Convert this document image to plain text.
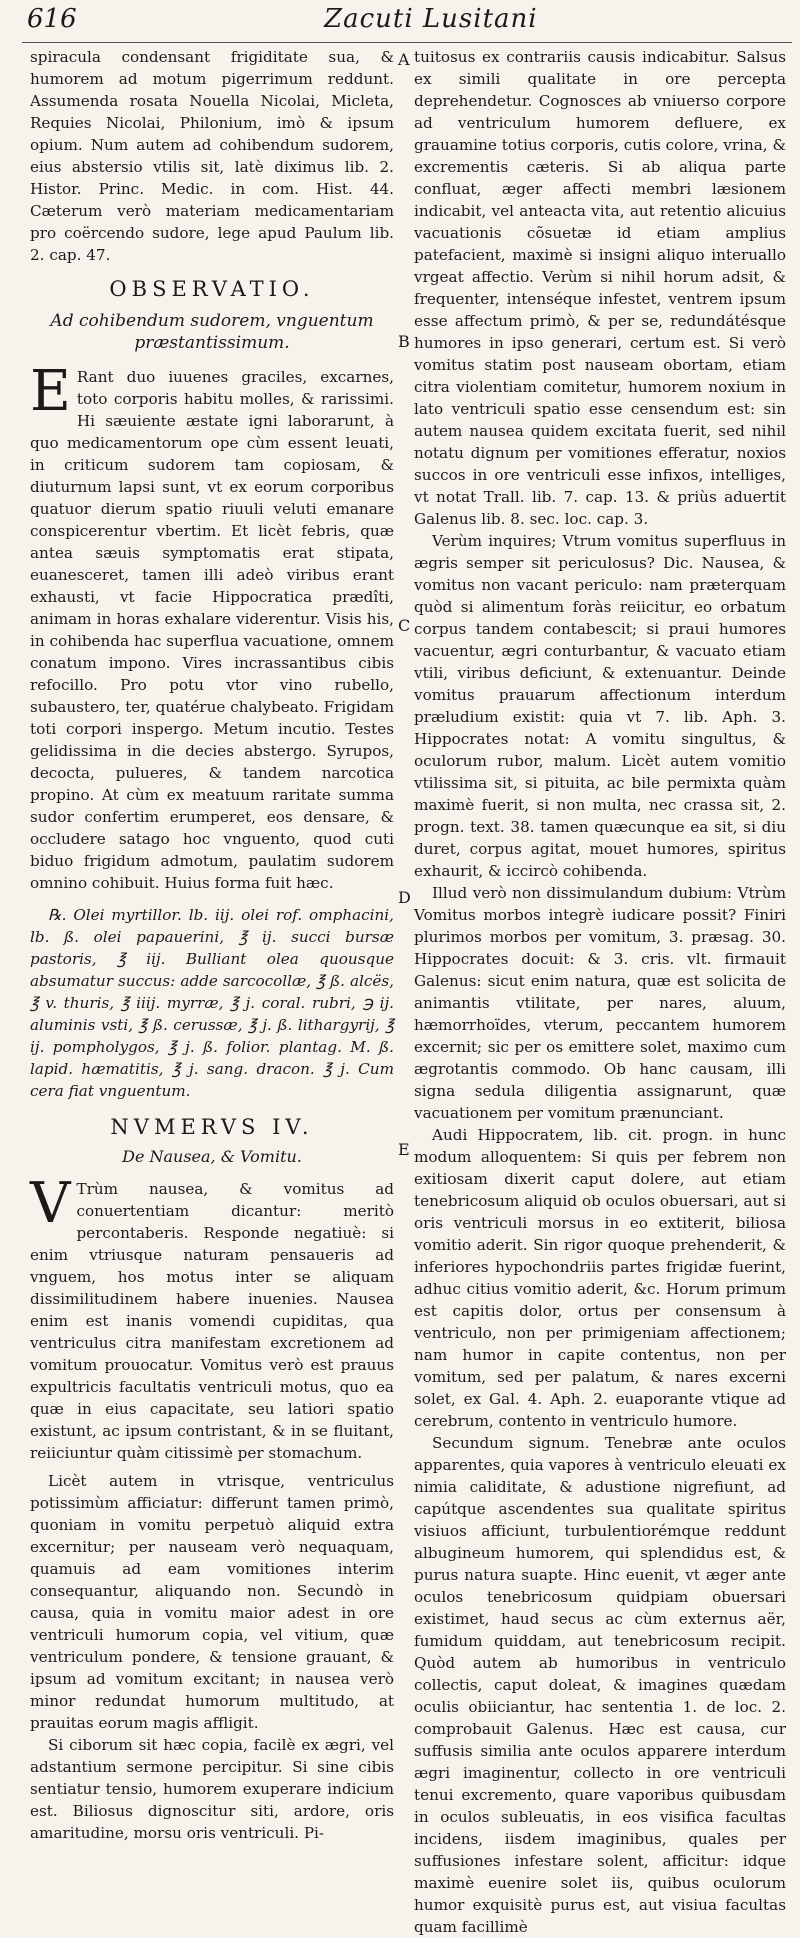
616	Zacuti Lusitani
A
B
C
D
E

spiracula condensant frigiditate sua, & humorem ad motum pigerrimum reddunt. Assumenda rosata Nouella Nicolai, Micleta, Requies Nicolai, Philonium, imò & ipsum opium. Num autem ad cohibendum sudorem, eius abstersio vtilis sit, latè diximus lib. 2. Histor. Princ. Medic. in com. Hist. 44. Cæterum verò materiam medicamentariam pro coërcendo sudore, lege apud Paulum lib. 2. cap. 47.

OBSERVATIO.
Ad cohibendum sudorem, vnguentum præstantissimum.

E Rant duo iuuenes graciles, excarnes, toto corporis habitu molles, & rarissimi. Hi sæuiente æstate igni laborarunt, à quo medicamentorum ope cùm essent leuati, in criticum sudorem tam copiosam, & diuturnum lapsi sunt, vt ex eorum corporibus quatuor dierum spatio riuuli veluti emanare conspicerentur vbertim. Et licèt febris, quæ antea sæuis symptomatis erat stipata, euanesceret, tamen illi adeò viribus erant exhausti, vt facie Hippocratica prædîti, animam in horas exhalare viderentur. Visis his, in cohibenda hac superflua vacuatione, omnem conatum impono. Vires incrassantibus cibis refocillo. Pro potu vtor vino rubello, subaustero, ter, quatérue chalybeato. Frigidam toti corpori inspergo. Metum incutio. Testes gelidissima in die decies abstergo. Syrupos, decocta, pulueres, & tandem narcotica propino. At cùm ex meatuum raritate summa sudor confertim erumperet, eos densare, & occludere satago hoc vnguento, quod cuti biduo frigidum admotum, paulatim sudorem omnino cohibuit. Huius forma fuit hæc.

℞. Olei myrtillor. lb. iij. olei rof. omphacini, lb. ß. olei papauerini, ℥ ij. succi bursæ pastoris, ℥ iij. Bulliant olea quousque absumatur succus: adde sarcocollæ, ℥ ß. alcës, ℥ v. thuris, ℥ iiij. myrræ, ℥ j. coral. rubri, ℈ ij. aluminis vsti, ℥ ß. cerussæ, ℥ j. ß. lithargyrij, ℥ ij. pompholygos, ℥ j. ß. folior. plantag. M. ß. lapid. hæmatitis, ℥ j. sang. dracon. ℥ j. Cum cera fiat vnguentum.

NVMERVS IV.
De Nausea, & Vomitu.

V Trùm nausea, & vomitus ad conuertentiam dicantur: meritò percontaberis. Responde negatiuè: si enim vtriusque naturam pensaueris ad vnguem, hos motus inter se aliquam dissimilitudinem habere inuenies. Nausea enim est inanis vomendi cupiditas, qua ventriculus citra manifestam excretionem ad vomitum prouocatur. Vomitus verò est prauus expultricis facultatis ventriculi motus, quo ea quæ in eius capacitate, seu latiori spatio existunt, ac ipsum contristant, & in se fluitant, reiiciuntur quàm citissimè per stomachum.

Licèt autem in vtrisque, ventriculus potissimùm afficiatur: differunt tamen primò, quoniam in vomitu perpetuò aliquid extra excernitur; per nauseam verò nequaquam, quamuis ad eam vomitiones interim consequantur, aliquando non. Secundò in causa, quia in vomitu maior adest in ore ventriculi humorum copia, vel vitium, quæ ventriculum pondere, & tensione grauant, & ipsum ad vomitum excitant; in nausea verò minor redundat humorum multitudo, at prauitas eorum magis affligit.

Si ciborum sit hæc copia, facilè ex ægri, vel adstantium sermone percipitur. Si sine cibis sentiatur tensio, humorem exuperare indicium est. Biliosus dignoscitur siti, ardore, oris amaritudine, morsu oris ventriculi. Pi-

tuitosus ex contrariis causis indicabitur. Salsus ex simili qualitate in ore percepta deprehendetur. Cognosces ab vniuerso corpore ad ventriculum humorem defluere, ex grauamine totius corporis, cutis colore, vrina, & excrementis cæteris. Si ab aliqua parte confluat, æger affecti membri læsionem indicabit, vel anteacta vita, aut retentio alicuius vacuationis cõsuetæ id etiam amplius patefacient, maximè si insigni aliquo interuallo vrgeat affectio. Verùm si nihil horum adsit, & frequenter, intenséque infestet, ventrem ipsum esse affectum primò, & per se, redundátésque humores in ipso generari, certum est. Si verò vomitus statim post nauseam obortam, etiam citra violentiam comitetur, humorem noxium in lato ventriculi spatio esse censendum est: sin autem nausea quidem excitata fuerit, sed nihil notatu dignum per vomitiones efferatur, noxios succos in ore ventriculi esse infixos, intelliges, vt notat Trall. lib. 7. cap. 13. & priùs aduertit Galenus lib. 8. sec. loc. cap. 3.

Verùm inquires; Vtrum vomitus superfluus in ægris semper sit periculosus? Dic. Nausea, & vomitus non vacant periculo: nam præterquam quòd si alimentum foràs reiicitur, eo orbatum corpus tandem contabescit; si praui humores vacuentur, ægri conturbantur, & vacuato etiam vtili, viribus deficiunt, & extenuantur. Deinde vomitus prauarum affectionum interdum præludium existit: quia vt 7. lib. Aph. 3. Hippocrates notat: A vomitu singultus, & oculorum rubor, malum. Licèt autem vomitio vtilissima sit, si pituita, ac bile permixta quàm maximè fuerit, si non multa, nec crassa sit, 2. progn. text. 38. tamen quæcunque ea sit, si diu duret, corpus agitat, mouet humores, spiritus exhaurit, & iccircò cohibenda.

Illud verò non dissimulandum dubium: Vtrùm Vomitus morbos integrè iudicare possit? Finiri plurimos morbos per vomitum, 3. præsag. 30. Hippocrates docuit: & 3. cris. vlt. firmauit Galenus: sicut enim natura, quæ est solicita de animantis vtilitate, per nares, aluum, hæmorrhoïdes, vterum, peccantem humorem excernit; sic per os emittere solet, maximo cum ægrotantis commodo. Ob hanc causam, illi signa sedula diligentia assignarunt, quæ vacuationem per vomitum prænunciant.

Audi Hippocratem, lib. cit. progn. in hunc modum alloquentem: Si quis per febrem non exitiosam dixerit caput dolere, aut etiam tenebricosum aliquid ob oculos obuersari, aut si oris ventriculi morsus in eo extiterit, biliosa vomitio aderit. Sin rigor quoque prehenderit, & inferiores hypochondriis partes frigidæ fuerint, adhuc citius vomitio aderit, &c. Horum primum est capitis dolor, ortus per consensum à ventriculo, non per primigeniam affectionem; nam humor in capite contentus, non per vomitum, sed per palatum, & nares excerni solet, ex Gal. 4. Aph. 2. euaporante vtique ad cerebrum, contento in ventriculo humore.

Secundum signum. Tenebræ ante oculos apparentes, quia vapores à ventriculo eleuati ex nimia caliditate, & adustione nigrefiunt, ad capútque ascendentes sua qualitate spiritus visiuos afficiunt, turbulentiorémque reddunt albugineum humorem, qui splendidus est, & purus natura suapte. Hinc euenit, vt æger ante oculos tenebricosum quidpiam obuersari existimet, haud secus ac cùm externus aër, fumidum quiddam, aut tenebricosum recipit. Quòd autem ab humoribus in ventriculo collectis, caput doleat, & imagines quædam oculis obiiciantur, hac sententia 1. de loc. 2. comprobauit Galenus. Hæc est causa, cur suffusis similia ante oculos apparere interdum ægri imaginentur, collecto in ore ventriculi tenui excremento, quare vaporibus quibusdam in oculos subleuatis, in eos visifica facultas incidens, iisdem imaginibus, quales per suffusiones infestare solent, afficitur: idque maximè euenire solet iis, quibus oculorum humor exquisitè purus est, aut visiua facultas quam facillimè
